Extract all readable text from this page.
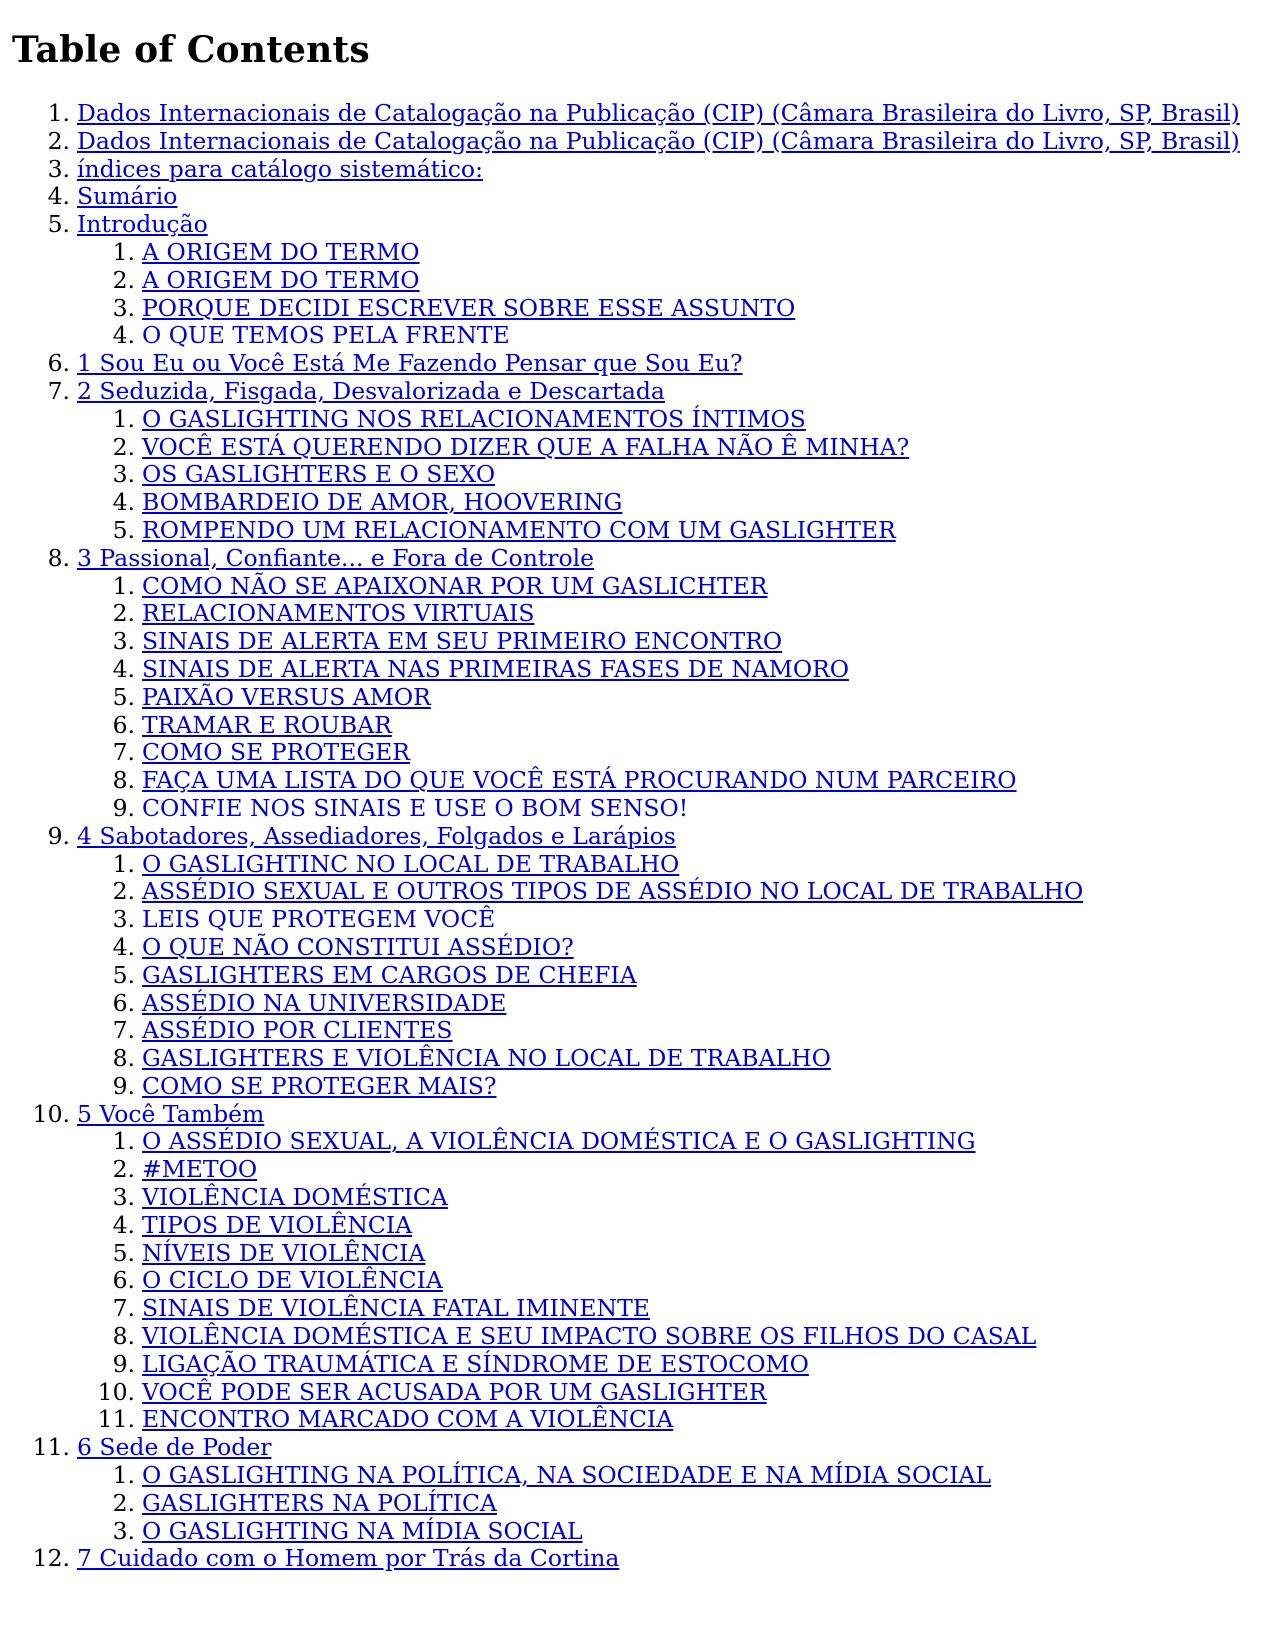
Table of Contents
1. Dados Internacionais de Catalogação na Publicação (CIP) (Câmara Brasileira do Livro, SP, Brasil)
2. Dados Internacionais de Catalogação na Publicação (CIP) (Câmara Brasileira do Livro, SP, Brasil)
3. índices para catálogo sistemático:
4. Sumário
5. Introdução
1. A ORIGEM DO TERMO
2. A ORIGEM DO TERMO
3. PORQUE DECIDI ESCREVER SOBRE ESSE ASSUNTO
4. O QUE TEMOS PELA FRENTE
6. 1 Sou Eu ou Você Está Me Fazendo Pensar que Sou Eu?
7. 2 Seduzida, Fisgada, Desvalorizada e Descartada
1. O GASLIGHTING NOS RELACIONAMENTOS ÍNTIMOS
2. VOCÊ ESTÁ QUERENDO DIZER QUE A FALHA NÃO Ê MINHA?
3. OS GASLIGHTERS E O SEXO
4. BOMBARDEIO DE AMOR, HOOVERING
5. ROMPENDO UM RELACIONAMENTO COM UM GASLIGHTER
8. 3 Passional, Confiante... e Fora de Controle
1. COMO NÃO SE APAIXONAR POR UM GASLICHTER
2. RELACIONAMENTOS VIRTUAIS
3. SINAIS DE ALERTA EM SEU PRIMEIRO ENCONTRO
4. SINAIS DE ALERTA NAS PRIMEIRAS FASES DE NAMORO
5. PAIXÃO VERSUS AMOR
6. TRAMAR E ROUBAR
7. COMO SE PROTEGER
8. FAÇA UMA LISTA DO QUE VOCÊ ESTÁ PROCURANDO NUM PARCEIRO
9. CONFIE NOS SINAIS E USE O BOM SENSO!
9. 4 Sabotadores, Assediadores, Folgados e Larápios
1. O GASLIGHTINC NO LOCAL DE TRABALHO
2. ASSÉDIO SEXUAL E OUTROS TIPOS DE ASSÉDIO NO LOCAL DE TRABALHO
3. LEIS QUE PROTEGEM VOCÊ
4. O QUE NÃO CONSTITUI ASSÉDIO?
5. GASLIGHTERS EM CARGOS DE CHEFIA
6. ASSÉDIO NA UNIVERSIDADE
7. ASSÉDIO POR CLIENTES
8. GASLIGHTERS E VIOLÊNCIA NO LOCAL DE TRABALHO
9. COMO SE PROTEGER MAIS?
10. 5 Você Também
1. O ASSÉDIO SEXUAL, A VIOLÊNCIA DOMÉSTICA E O GASLIGHTING
2. #METOO
3. VIOLÊNCIA DOMÉSTICA
4. TIPOS DE VIOLÊNCIA
5. NÍVEIS DE VIOLÊNCIA
6. O CICLO DE VIOLÊNCIA
7. SINAIS DE VIOLÊNCIA FATAL IMINENTE
8. VIOLÊNCIA DOMÉSTICA E SEU IMPACTO SOBRE OS FILHOS DO CASAL
9. LIGAÇÃO TRAUMÁTICA E SÍNDROME DE ESTOCOMO
10. VOCÊ PODE SER ACUSADA POR UM GASLIGHTER
11. ENCONTRO MARCADO COM A VIOLÊNCIA
11. 6 Sede de Poder
1. O GASLIGHTING NA POLÍTICA, NA SOCIEDADE E NA MÍDIA SOCIAL
2. GASLIGHTERS NA POLÍTICA
3. O GASLIGHTING NA MÍDIA SOCIAL
12. 7 Cuidado com o Homem por Trás da Cortina
